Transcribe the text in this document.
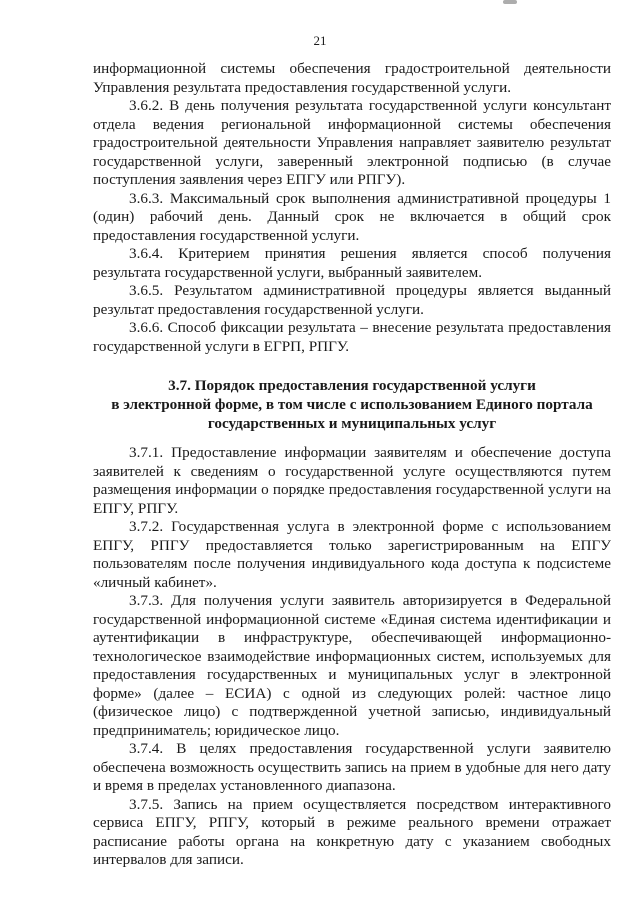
21

информационной системы обеспечения градостроительной деятельности Управления результата предоставления государственной услуги.

3.6.2. В день получения результата государственной услуги консультант отдела ведения региональной информационной системы обеспечения градостроительной деятельности Управления направляет заявителю результат государственной услуги, заверенный электронной подписью (в случае поступления заявления через ЕПГУ или РПГУ).

3.6.3. Максимальный срок выполнения административной процедуры 1 (один) рабочий день. Данный срок не включается в общий срок предоставления государственной услуги.

3.6.4. Критерием принятия решения является способ получения результата государственной услуги, выбранный заявителем.

3.6.5. Результатом административной процедуры является выданный результат предоставления государственной услуги.

3.6.6. Способ фиксации результата – внесение результата предоставления государственной услуги в ЕГРП, РПГУ.

3.7. Порядок предоставления государственной услуги
в электронной форме, в том числе с использованием Единого портала
государственных и муниципальных услуг

3.7.1. Предоставление информации заявителям и обеспечение доступа заявителей к сведениям о государственной услуге осуществляются путем размещения информации о порядке предоставления государственной услуги на ЕПГУ, РПГУ.

3.7.2. Государственная услуга в электронной форме с использованием ЕПГУ, РПГУ предоставляется только зарегистрированным на ЕПГУ пользователям после получения индивидуального кода доступа к подсистеме «личный кабинет».

3.7.3. Для получения услуги заявитель авторизируется в Федеральной государственной информационной системе «Единая система идентификации и аутентификации в инфраструктуре, обеспечивающей информационно-технологическое взаимодействие информационных систем, используемых для предоставления государственных и муниципальных услуг в электронной форме» (далее – ЕСИА) с одной из следующих ролей: частное лицо (физическое лицо) с подтвержденной учетной записью, индивидуальный предприниматель; юридическое лицо.

3.7.4. В целях предоставления государственной услуги заявителю обеспечена возможность осуществить запись на прием в удобные для него дату и время в пределах установленного диапазона.

3.7.5. Запись на прием осуществляется посредством интерактивного сервиса ЕПГУ, РПГУ, который в режиме реального времени отражает расписание работы органа на конкретную дату с указанием свободных интервалов для записи.
